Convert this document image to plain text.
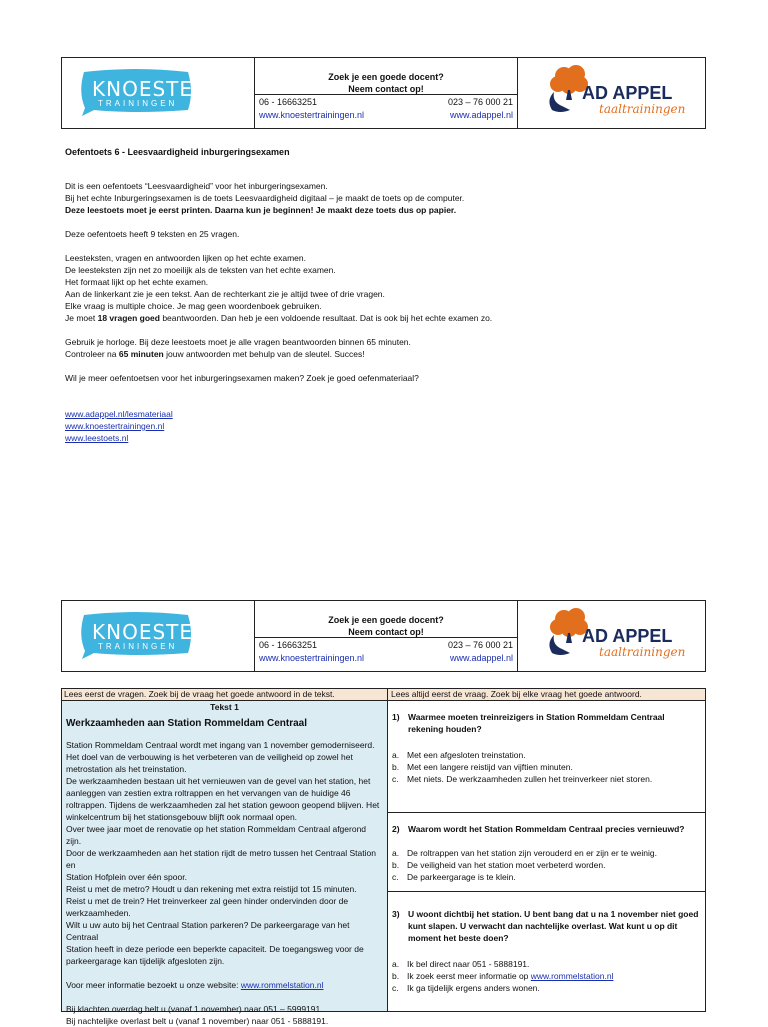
KNOESTER
TRAININGEN
Zoek je een goede docent?
Neem contact op!
06 - 16663251	023 – 76 000 21
www.knoestertrainingen.nl	www.adappel.nl
AD APPEL
taaltrainingen
Oefentoets 6 - Leesvaardigheid inburgeringsexamen
Dit is een oefentoets “Leesvaardigheid” voor het inburgeringsexamen.
Bij het echte Inburgeringsexamen is de toets Leesvaardigheid digitaal – je maakt de toets op de computer.
Deze leestoets moet je eerst printen. Daarna kun je beginnen! Je maakt deze toets dus op papier.
Deze oefentoets heeft 9 teksten en 25 vragen.
Leesteksten, vragen en antwoorden lijken op het echte examen.
De leesteksten zijn net zo moeilijk als de teksten van het echte examen.
Het formaat lijkt op het echte examen.
Aan de linkerkant zie je een tekst. Aan de rechterkant zie je altijd twee of drie vragen.
Elke vraag is multiple choice. Je mag geen woordenboek gebruiken.
Je moet 18 vragen goed beantwoorden. Dan heb je een voldoende resultaat. Dat is ook bij het echte examen zo.
Gebruik je horloge. Bij deze leestoets moet je alle vragen beantwoorden binnen 65 minuten.
Controleer na 65 minuten jouw antwoorden met behulp van de sleutel. Succes!
Wil je meer oefentoetsen voor het inburgeringsexamen maken? Zoek je goed oefenmateriaal?
www.adappel.nl/lesmateriaal
www.knoestertrainingen.nl
www.leestoets.nl
KNOESTER
TRAININGEN
Zoek je een goede docent?
Neem contact op!
06 - 16663251	023 – 76 000 21
www.knoestertrainingen.nl	www.adappel.nl
AD APPEL
taaltrainingen
Lees eerst de vragen. Zoek bij de vraag het goede antwoord in de tekst.	Lees altijd eerst de vraag. Zoek bij elke vraag het goede antwoord.
Tekst 1
Werkzaamheden aan Station Rommeldam Centraal
Station Rommeldam Centraal wordt met ingang van 1 november gemoderniseerd.
Het doel van de verbouwing is het verbeteren van de veiligheid op zowel het
metrostation als het treinstation.
De werkzaamheden bestaan uit het vernieuwen van de gevel van het station, het
aanleggen van zestien extra roltrappen en het vervangen van de huidige 46
roltrappen. Tijdens de werkzaamheden zal het station gewoon geopend blijven. Het
winkelcentrum bij het stationsgebouw blijft ook normaal open.
Over twee jaar moet de renovatie op het station Rommeldam Centraal afgerond zijn.
Door de werkzaamheden aan het station rijdt de metro tussen het Centraal Station en
Station Hofplein over één spoor.
Reist u met de metro? Houdt u dan rekening met extra reistijd tot 15 minuten.
Reist u met de trein? Het treinverkeer zal geen hinder ondervinden door de
werkzaamheden.
Wilt u uw auto bij het Centraal Station parkeren? De parkeergarage van het Centraal
Station heeft in deze periode een beperkte capaciteit. De toegangsweg voor de
parkeergarage kan tijdelijk afgesloten zijn.
Voor meer informatie bezoekt u onze website: www.rommelstation.nl
Bij klachten overdag belt u (vanaf 1 november) naar 051 – 5999191.
Bij nachtelijke overlast belt u (vanaf 1 november) naar 051 - 5888191.
1) Waarmee moeten treinreizigers in Station Rommeldam Centraal rekening houden?
a. Met een afgesloten treinstation.
b. Met een langere reistijd van vijftien minuten.
c. Met niets. De werkzaamheden zullen het treinverkeer niet storen.
2) Waarom wordt het Station Rommeldam Centraal precies vernieuwd?
a. De roltrappen van het station zijn verouderd en er zijn er te weinig.
b. De veiligheid van het station moet verbeterd worden.
c. De parkeergarage is te klein.
3) U woont dichtbij het station. U bent bang dat u na 1 november niet goed kunt slapen. U verwacht dan nachtelijke overlast. Wat kunt u op dit moment het beste doen?
a. Ik bel direct naar 051 - 5888191.
b. Ik zoek eerst meer informatie op www.rommelstation.nl
c. Ik ga tijdelijk ergens anders wonen.
